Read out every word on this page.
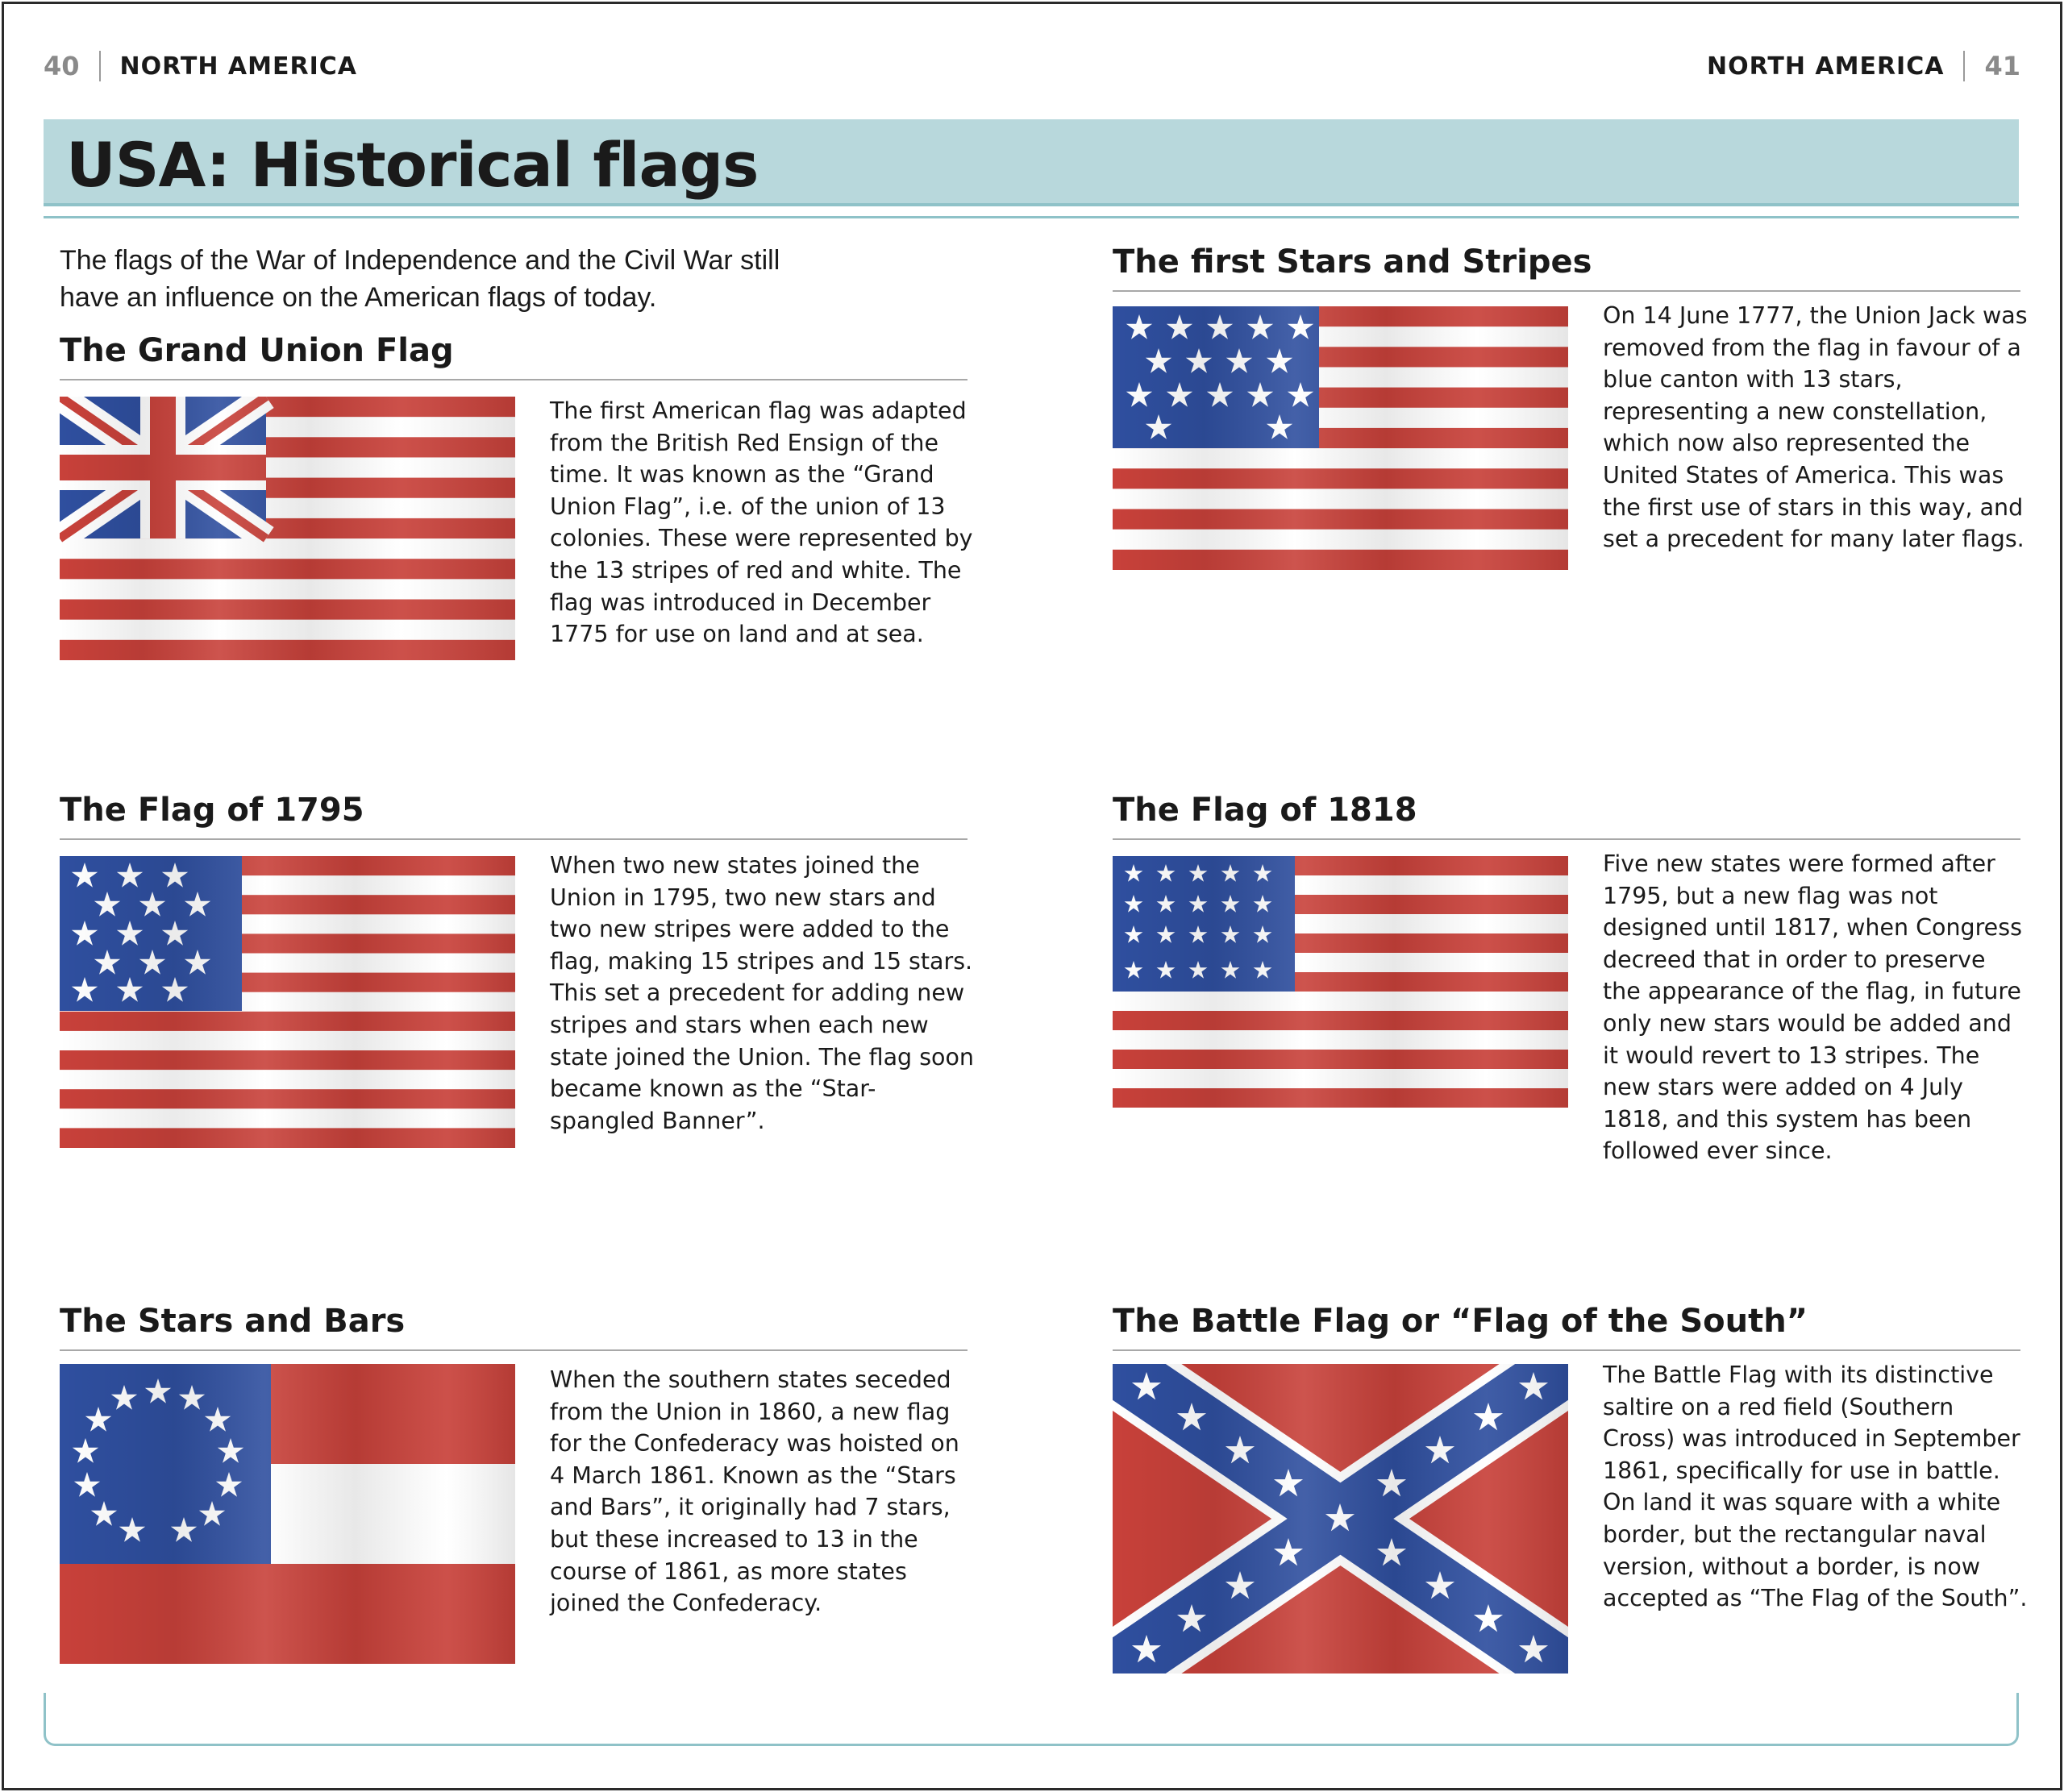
40 NORTH AMERICA	NORTH AMERICA 41
USA: Historical flags

The flags of the War of Independence and the Civil War still have an influence on the American flags of today.

The Grand Union Flag

The first American flag was adapted from the British Red Ensign of the time. It was known as the “Grand Union Flag”, i.e. of the union of 13 colonies. These were represented by the 13 stripes of red and white. The flag was introduced in December 1775 for use on land and at sea.

The first Stars and Stripes

On 14 June 1777, the Union Jack was removed from the flag in favour of a blue canton with 13 stars, representing a new constellation, which now also represented the United States of America. This was the first use of stars in this way, and set a precedent for many later flags.

The Flag of 1795

When two new states joined the Union in 1795, two new stars and two new stripes were added to the flag, making 15 stripes and 15 stars. This set a precedent for adding new stripes and stars when each new state joined the Union. The flag soon became known as the “Star-spangled Banner”.

The Flag of 1818

Five new states were formed after 1795, but a new flag was not designed until 1817, when Congress decreed that in order to preserve the appearance of the flag, in future only new stars would be added and it would revert to 13 stripes. The new stars were added on 4 July 1818, and this system has been followed ever since.

The Stars and Bars

When the southern states seceded from the Union in 1860, a new flag for the Confederacy was hoisted on 4 March 1861. Known as the “Stars and Bars”, it originally had 7 stars, but these increased to 13 in the course of 1861, as more states joined the Confederacy.

The Battle Flag or “Flag of the South”

The Battle Flag with its distinctive saltire on a red field (Southern Cross) was introduced in September 1861, specifically for use in battle. On land it was square with a white border, but the rectangular naval version, without a border, is now accepted as “The Flag of the South”.
